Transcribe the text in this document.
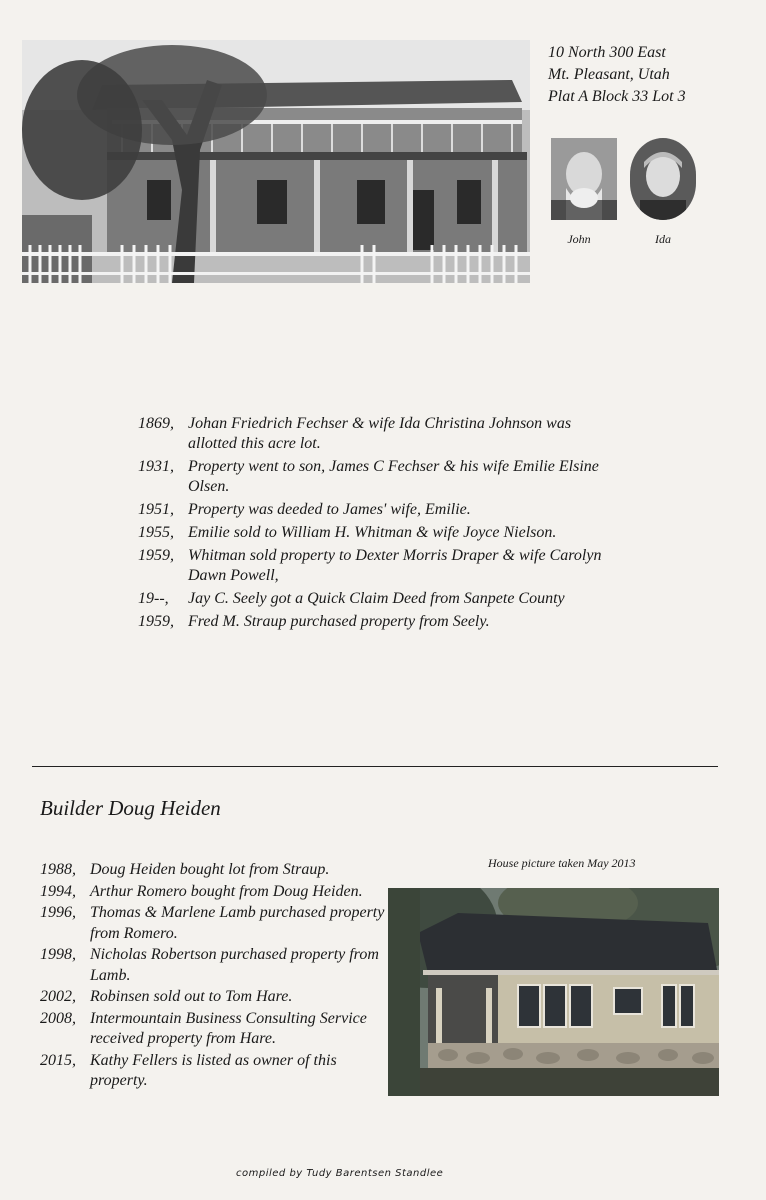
10 North 300 East
Mt. Pleasant, Utah
Plat A Block 33 Lot 3
John	Ida
1869, Johan Friedrich Fechser & wife Ida Christina Johnson was allotted this acre lot.
1931, Property went to son, James C Fechser & his wife Emilie Elsine Olsen.
1951, Property was deeded to James' wife, Emilie.
1955, Emilie sold to William H. Whitman & wife Joyce Nielson.
1959, Whitman sold property to Dexter Morris Draper & wife Carolyn Dawn Powell,
19--,	Jay C. Seely got a Quick Claim Deed from Sanpete County
1959, Fred M. Straup purchased property from Seely.
Builder Doug Heiden
1988, Doug Heiden bought lot from Straup.
1994, Arthur Romero bought from Doug Heiden.
1996, Thomas & Marlene Lamb purchased property from Romero.
1998, Nicholas Robertson purchased property from Lamb.
2002, Robinsen sold out to Tom Hare.
2008, Intermountain Business Consulting Service received property from Hare.
2015, Kathy Fellers is listed as owner of this property.
House picture taken May 2013
compiled by Tudy Barentsen Standlee
